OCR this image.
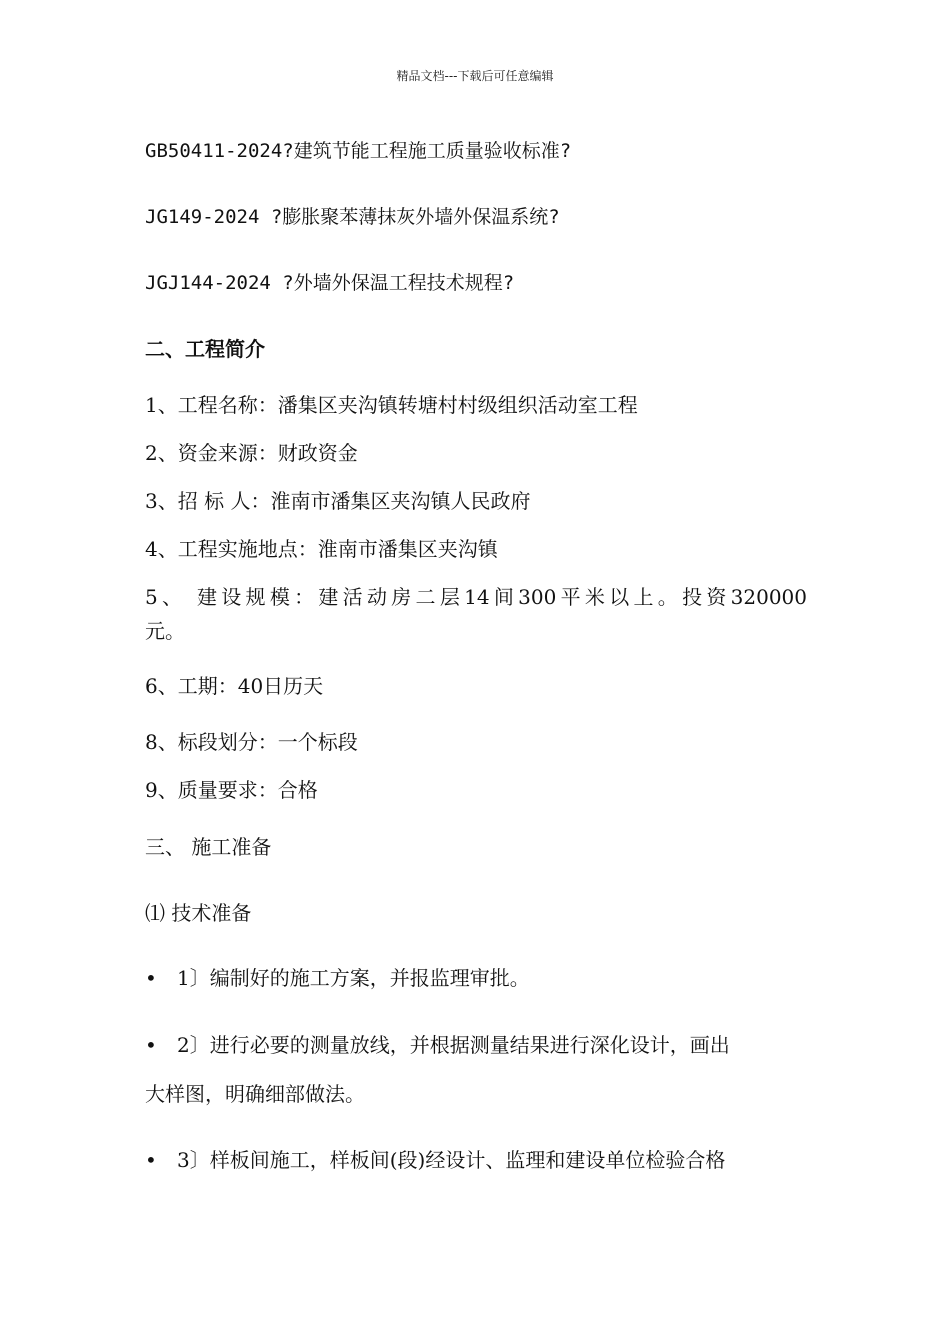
精品文档---下载后可任意编辑
GB50411-2024?建筑节能工程施工质量验收标准?
JG149-2024 ?膨胀聚苯薄抹灰外墙外保温系统?
JGJ144-2024 ?外墙外保温工程技术规程?
二、工程简介
1、工程名称：潘集区夹沟镇转塘村村级组织活动室工程
2、资金来源：财政资金
3、招 标 人：淮南市潘集区夹沟镇人民政府
4、工程实施地点：淮南市潘集区夹沟镇
5、 建设规模：建活动房二层14间300平米以上。投资320000
元。
6、工期：40日历天
8、标段划分：一个标段
9、质量要求：合格
三、 施工准备
⑴ 技术准备
• 1〕编制好的施工方案，并报监理审批。
• 2〕进行必要的测量放线，并根据测量结果进行深化设计，画出
大样图，明确细部做法。
• 3〕样板间施工，样板间(段)经设计、监理和建设单位检验合格
